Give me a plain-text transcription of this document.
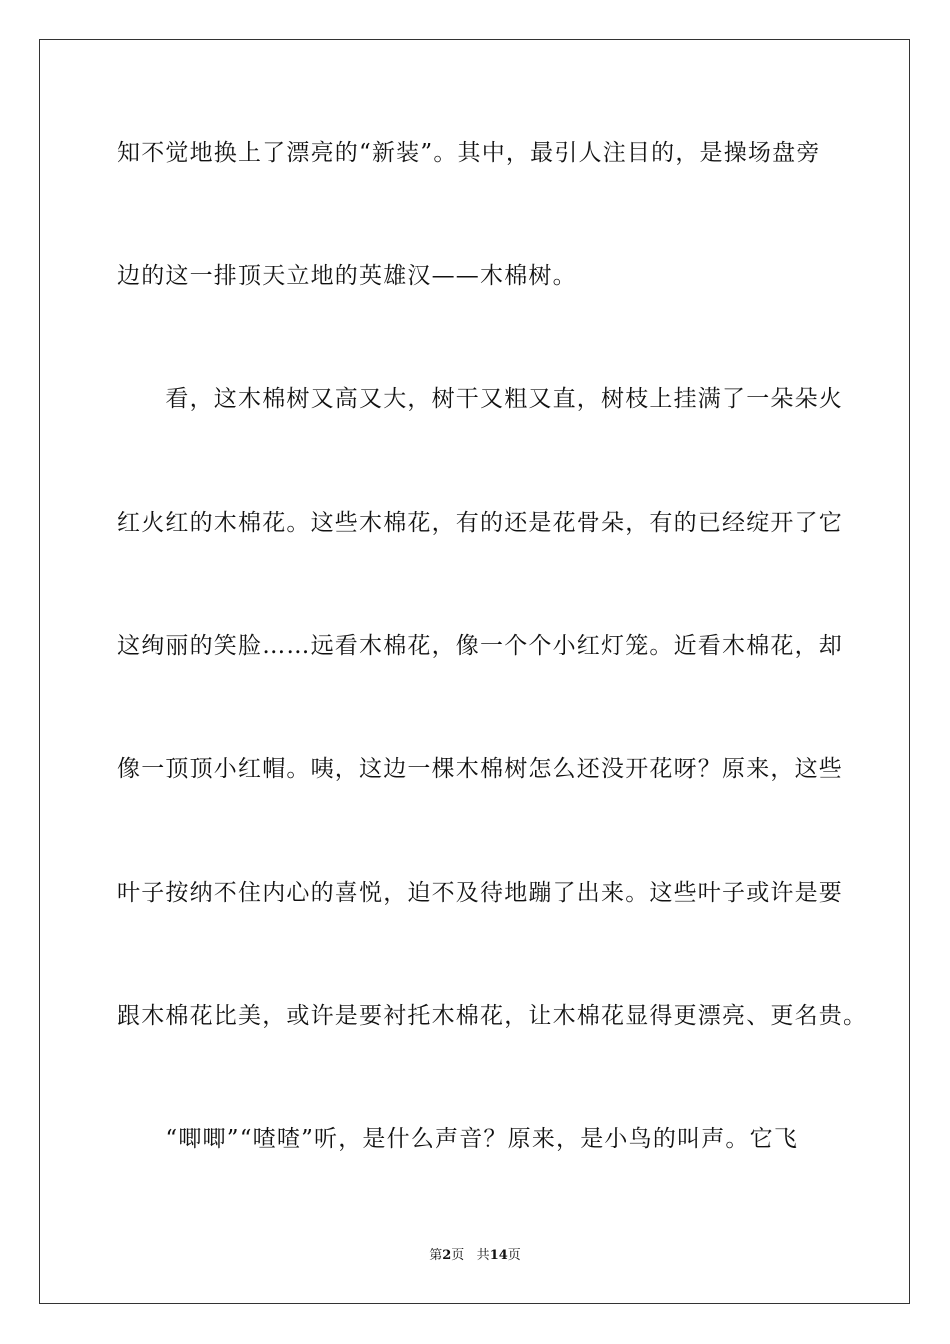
知不觉地换上了漂亮的“新装”。其中，最引人注目的，是操场盘旁
边的这一排顶天立地的英雄汉——木棉树。
　　看，这木棉树又高又大，树干又粗又直，树枝上挂满了一朵朵火
红火红的木棉花。这些木棉花，有的还是花骨朵，有的已经绽开了它
这绚丽的笑脸……远看木棉花，像一个个小红灯笼。近看木棉花，却
像一顶顶小红帽。咦，这边一棵木棉树怎么还没开花呀？原来，这些
叶子按纳不住内心的喜悦，迫不及待地蹦了出来。这些叶子或许是要
跟木棉花比美，或许是要衬托木棉花，让木棉花显得更漂亮、更名贵。
　　“唧唧”“喳喳”听，是什么声音？原来，是小鸟的叫声。它飞
第2页 共14页
